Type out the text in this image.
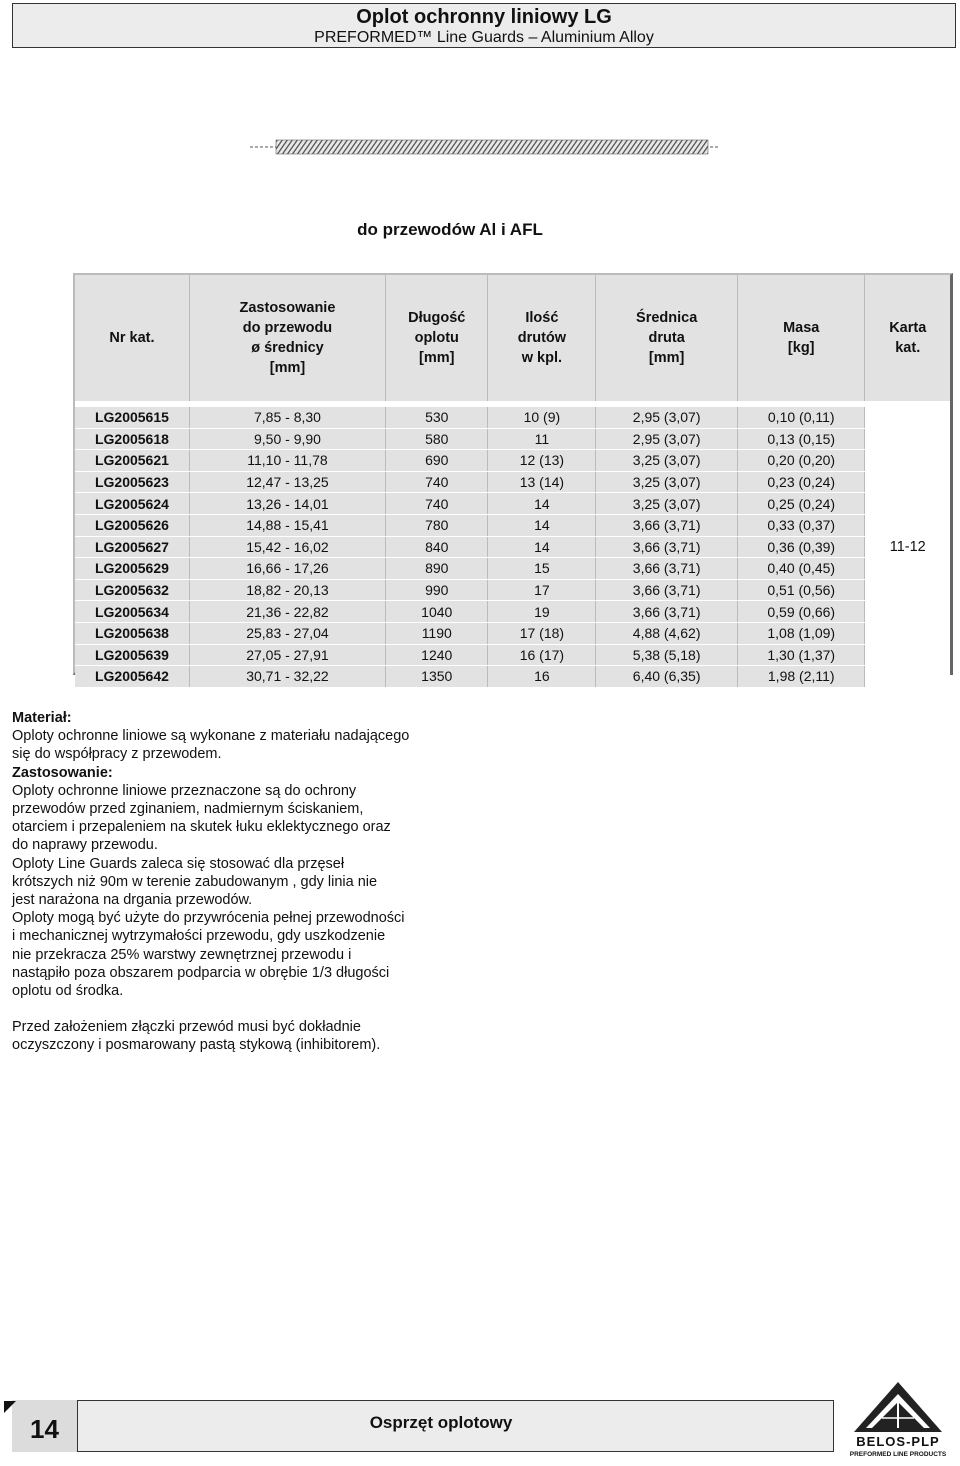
Oplot ochronny liniowy LG
PREFORMED™ Line Guards – Aluminium Alloy
do przewodów Al i AFL
Nr kat.	Zastosowanie
do przewodu
ø średnicy
[mm]	Długość
oplotu
[mm]	Ilość
drutów
w kpl.	Średnica
druta
[mm]	Masa
[kg]	Karta
kat.

LG2005615	7,85 - 8,30	530	10 (9)	2,95 (3,07)	0,10 (0,11)	11-12
LG2005618	9,50 - 9,90	580	11	2,95 (3,07)	0,13 (0,15)	
LG2005621	11,10 - 11,78	690	12 (13)	3,25 (3,07)	0,20 (0,20)	
LG2005623	12,47 - 13,25	740	13 (14)	3,25 (3,07)	0,23 (0,24)	
LG2005624	13,26 - 14,01	740	14	3,25 (3,07)	0,25 (0,24)	
LG2005626	14,88 - 15,41	780	14	3,66 (3,71)	0,33 (0,37)	
LG2005627	15,42 - 16,02	840	14	3,66 (3,71)	0,36 (0,39)	
LG2005629	16,66 - 17,26	890	15	3,66 (3,71)	0,40 (0,45)	
LG2005632	18,82 - 20,13	990	17	3,66 (3,71)	0,51 (0,56)	
LG2005634	21,36 - 22,82	1040	19	3,66 (3,71)	0,59 (0,66)	
LG2005638	25,83 - 27,04	1190	17 (18)	4,88 (4,62)	1,08 (1,09)	
LG2005639	27,05 - 27,91	1240	16 (17)	5,38 (5,18)	1,30 (1,37)	
LG2005642	30,71 - 32,22	1350	16	6,40 (6,35)	1,98 (2,11)	

Materiał:

Oploty ochronne liniowe są wykonane z materiału nadającego

się do współpracy z przewodem.

Zastosowanie:

Oploty ochronne liniowe przeznaczone są do ochrony

przewodów przed zginaniem, nadmiernym ściskaniem,

otarciem i przepaleniem na skutek łuku eklektycznego oraz

do naprawy przewodu.

Oploty Line Guards zaleca się stosować dla przęseł

krótszych niż 90m w terenie zabudowanym , gdy linia nie

jest narażona na drgania przewodów.

Oploty mogą być użyte do przywrócenia pełnej przewodności

i mechanicznej wytrzymałości przewodu, gdy uszkodzenie

nie przekracza 25% warstwy zewnętrznej przewodu i

nastąpiło poza obszarem podparcia w obrębie 1/3 długości

oplotu od środka.

Przed założeniem złączki przewód musi być dokładnie

oczyszczony i posmarowany pastą stykową (inhibitorem).

14	Osprzęt oplotowy
BELOS-PLP
PREFORMED LINE PRODUCTS
